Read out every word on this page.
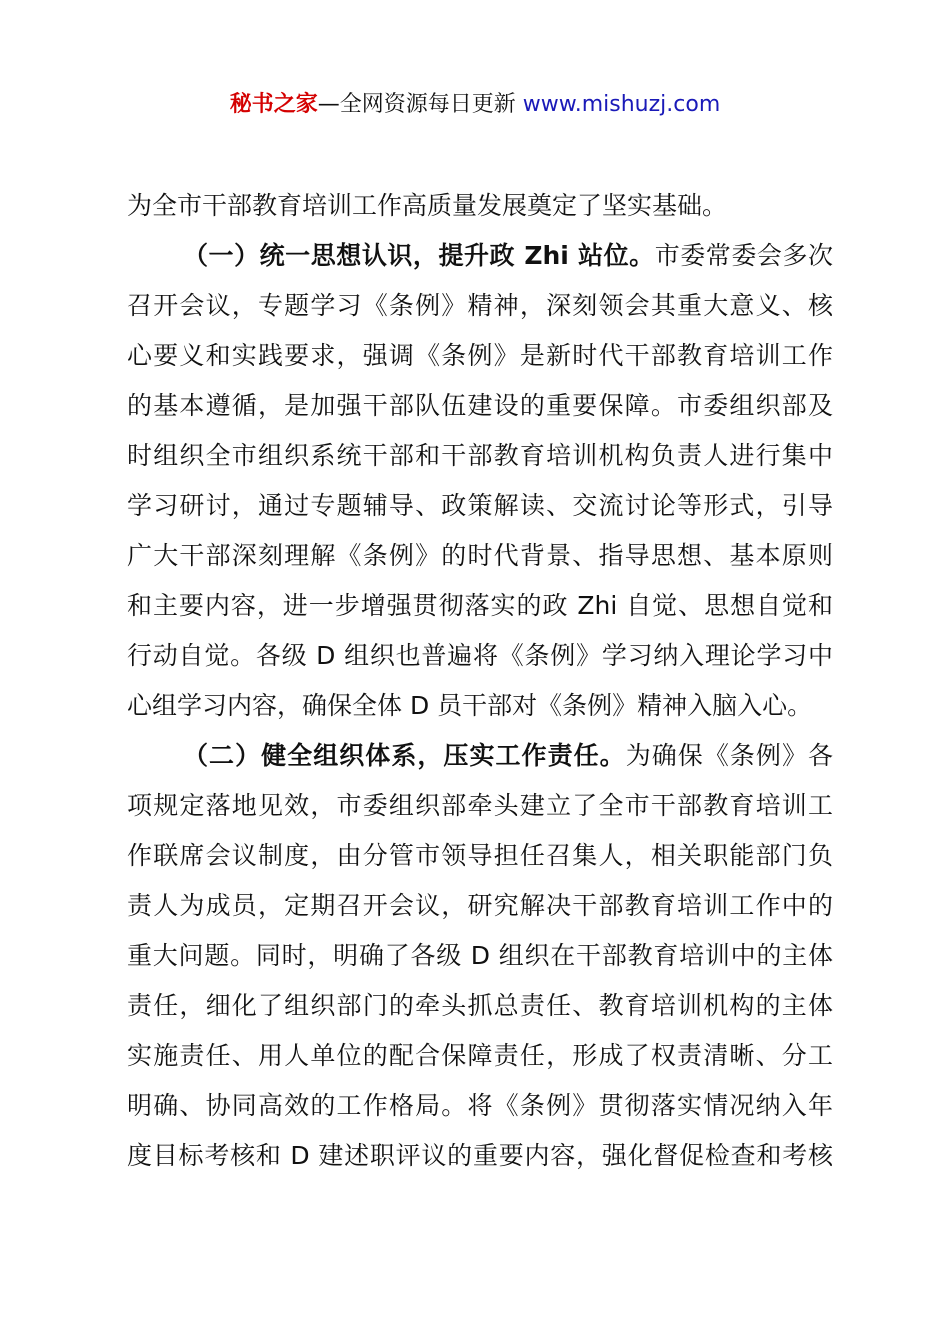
秘书之家—全网资源每日更新 www.mishuzj.com
为全市干部教育培训工作高质量发展奠定了坚实基础。
（一）统一思想认识，提升政 Zhi 站位。市委常委会多次
召开会议，专题学习《条例》精神，深刻领会其重大意义、核
心要义和实践要求，强调《条例》是新时代干部教育培训工作
的基本遵循，是加强干部队伍建设的重要保障。市委组织部及
时组织全市组织系统干部和干部教育培训机构负责人进行集中
学习研讨，通过专题辅导、政策解读、交流讨论等形式，引导
广大干部深刻理解《条例》的时代背景、指导思想、基本原则
和主要内容，进一步增强贯彻落实的政 Zhi 自觉、思想自觉和
行动自觉。各级 D 组织也普遍将《条例》学习纳入理论学习中
心组学习内容，确保全体 D 员干部对《条例》精神入脑入心。
（二）健全组织体系，压实工作责任。为确保《条例》各
项规定落地见效，市委组织部牵头建立了全市干部教育培训工
作联席会议制度，由分管市领导担任召集人，相关职能部门负
责人为成员，定期召开会议，研究解决干部教育培训工作中的
重大问题。同时，明确了各级 D 组织在干部教育培训中的主体
责任，细化了组织部门的牵头抓总责任、教育培训机构的主体
实施责任、用人单位的配合保障责任，形成了权责清晰、分工
明确、协同高效的工作格局。将《条例》贯彻落实情况纳入年
度目标考核和 D 建述职评议的重要内容，强化督促检查和考核
